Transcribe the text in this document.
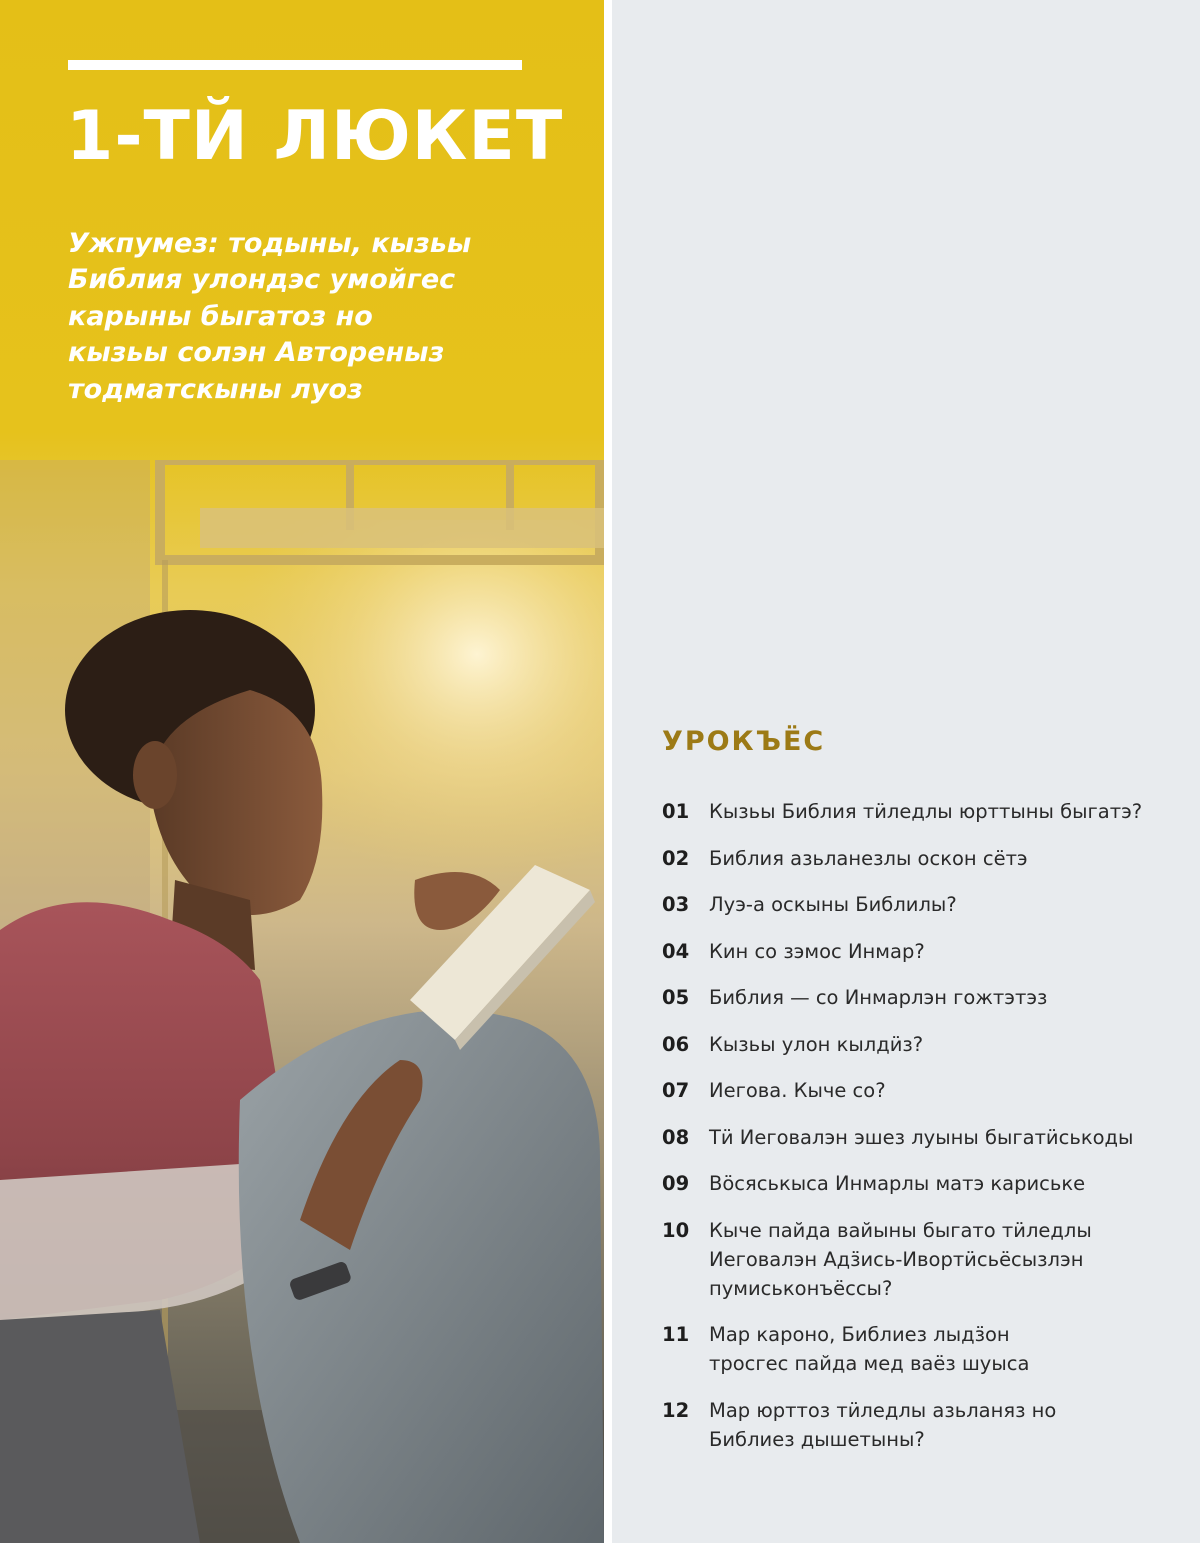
1-ТЙ ЛЮКЕТ

Ужпумез: тодыны, кызьы
Библия улондэс умойгес
карыны быгатоз но
кызьы солэн Автореныз
тодматскыны луоз

УРОКЪЁС
01	Кызьы Библия тӥледлы юрттыны быгатэ?
02	Библия азьланезлы оскон сётэ
03	Луэ-а оскыны Библилы?
04	Кин со зэмос Инмар?
05	Библия — со Инмарлэн гожтэтэз
06	Кызьы улон кылдӥз?
07	Иегова. Кыче со?
08	Тӥ Иеговалэн эшез луыны быгатӥськоды
09	Вӧсяськыса Инмарлы матэ кариське
10	Кыче пайда вайыны быгато тӥледлы
Иеговалэн Адӟись-Ивортӥсьёсызлэн
пумиськонъёссы?
11	Мар кароно, Библиез лыдӟон
тросгес пайда мед ваёз шуыса
12	Мар юрттоз тӥледлы азьланяз но
Библиез дышетыны?
